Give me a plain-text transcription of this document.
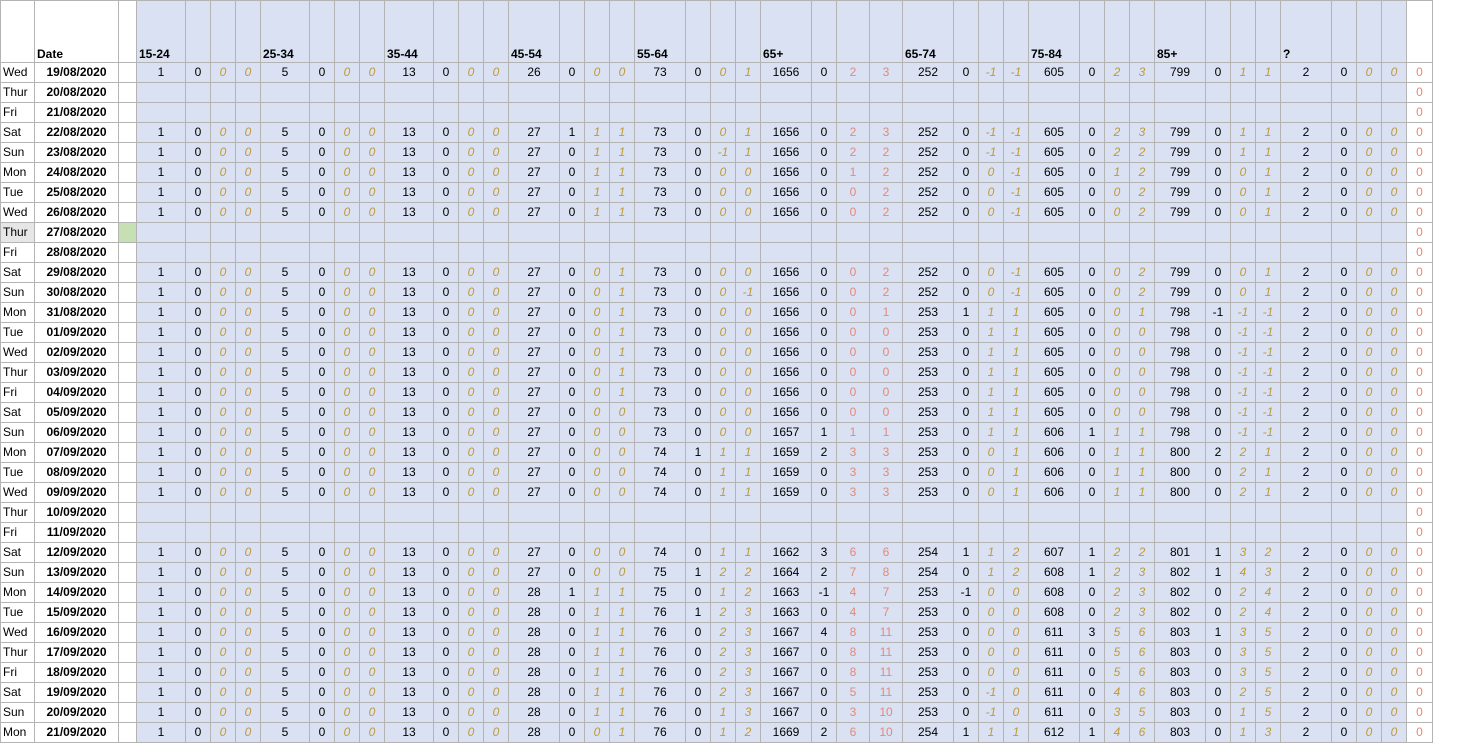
	Date		15-24				25-34				35-44				45-54				55-64				65+				65-74				75-84				85+				?				
Wed	19/08/2020		1	0	0	0	5	0	0	0	13	0	0	0	26	0	0	0	73	0	0	1	1656	0	2	3	252	0	-1	-1	605	0	2	3	799	0	1	1	2	0	0	0	0
Thur	20/08/2020																																										0
Fri	21/08/2020																																										0
Sat	22/08/2020		1	0	0	0	5	0	0	0	13	0	0	0	27	1	1	1	73	0	0	1	1656	0	2	3	252	0	-1	-1	605	0	2	3	799	0	1	1	2	0	0	0	0
Sun	23/08/2020		1	0	0	0	5	0	0	0	13	0	0	0	27	0	1	1	73	0	-1	1	1656	0	2	2	252	0	-1	-1	605	0	2	2	799	0	1	1	2	0	0	0	0
Mon	24/08/2020		1	0	0	0	5	0	0	0	13	0	0	0	27	0	1	1	73	0	0	0	1656	0	1	2	252	0	0	-1	605	0	1	2	799	0	0	1	2	0	0	0	0
Tue	25/08/2020		1	0	0	0	5	0	0	0	13	0	0	0	27	0	1	1	73	0	0	0	1656	0	0	2	252	0	0	-1	605	0	0	2	799	0	0	1	2	0	0	0	0
Wed	26/08/2020		1	0	0	0	5	0	0	0	13	0	0	0	27	0	1	1	73	0	0	0	1656	0	0	2	252	0	0	-1	605	0	0	2	799	0	0	1	2	0	0	0	0
Thur	27/08/2020																																										0
Fri	28/08/2020																																										0
Sat	29/08/2020		1	0	0	0	5	0	0	0	13	0	0	0	27	0	0	1	73	0	0	0	1656	0	0	2	252	0	0	-1	605	0	0	2	799	0	0	1	2	0	0	0	0
Sun	30/08/2020		1	0	0	0	5	0	0	0	13	0	0	0	27	0	0	1	73	0	0	-1	1656	0	0	2	252	0	0	-1	605	0	0	2	799	0	0	1	2	0	0	0	0
Mon	31/08/2020		1	0	0	0	5	0	0	0	13	0	0	0	27	0	0	1	73	0	0	0	1656	0	0	1	253	1	1	1	605	0	0	1	798	-1	-1	-1	2	0	0	0	0
Tue	01/09/2020		1	0	0	0	5	0	0	0	13	0	0	0	27	0	0	1	73	0	0	0	1656	0	0	0	253	0	1	1	605	0	0	0	798	0	-1	-1	2	0	0	0	0
Wed	02/09/2020		1	0	0	0	5	0	0	0	13	0	0	0	27	0	0	1	73	0	0	0	1656	0	0	0	253	0	1	1	605	0	0	0	798	0	-1	-1	2	0	0	0	0
Thur	03/09/2020		1	0	0	0	5	0	0	0	13	0	0	0	27	0	0	1	73	0	0	0	1656	0	0	0	253	0	1	1	605	0	0	0	798	0	-1	-1	2	0	0	0	0
Fri	04/09/2020		1	0	0	0	5	0	0	0	13	0	0	0	27	0	0	1	73	0	0	0	1656	0	0	0	253	0	1	1	605	0	0	0	798	0	-1	-1	2	0	0	0	0
Sat	05/09/2020		1	0	0	0	5	0	0	0	13	0	0	0	27	0	0	0	73	0	0	0	1656	0	0	0	253	0	1	1	605	0	0	0	798	0	-1	-1	2	0	0	0	0
Sun	06/09/2020		1	0	0	0	5	0	0	0	13	0	0	0	27	0	0	0	73	0	0	0	1657	1	1	1	253	0	1	1	606	1	1	1	798	0	-1	-1	2	0	0	0	0
Mon	07/09/2020		1	0	0	0	5	0	0	0	13	0	0	0	27	0	0	0	74	1	1	1	1659	2	3	3	253	0	0	1	606	0	1	1	800	2	2	1	2	0	0	0	0
Tue	08/09/2020		1	0	0	0	5	0	0	0	13	0	0	0	27	0	0	0	74	0	1	1	1659	0	3	3	253	0	0	1	606	0	1	1	800	0	2	1	2	0	0	0	0
Wed	09/09/2020		1	0	0	0	5	0	0	0	13	0	0	0	27	0	0	0	74	0	1	1	1659	0	3	3	253	0	0	1	606	0	1	1	800	0	2	1	2	0	0	0	0
Thur	10/09/2020																																										0
Fri	11/09/2020																																										0
Sat	12/09/2020		1	0	0	0	5	0	0	0	13	0	0	0	27	0	0	0	74	0	1	1	1662	3	6	6	254	1	1	2	607	1	2	2	801	1	3	2	2	0	0	0	0
Sun	13/09/2020		1	0	0	0	5	0	0	0	13	0	0	0	27	0	0	0	75	1	2	2	1664	2	7	8	254	0	1	2	608	1	2	3	802	1	4	3	2	0	0	0	0
Mon	14/09/2020		1	0	0	0	5	0	0	0	13	0	0	0	28	1	1	1	75	0	1	2	1663	-1	4	7	253	-1	0	0	608	0	2	3	802	0	2	4	2	0	0	0	0
Tue	15/09/2020		1	0	0	0	5	0	0	0	13	0	0	0	28	0	1	1	76	1	2	3	1663	0	4	7	253	0	0	0	608	0	2	3	802	0	2	4	2	0	0	0	0
Wed	16/09/2020		1	0	0	0	5	0	0	0	13	0	0	0	28	0	1	1	76	0	2	3	1667	4	8	11	253	0	0	0	611	3	5	6	803	1	3	5	2	0	0	0	0
Thur	17/09/2020		1	0	0	0	5	0	0	0	13	0	0	0	28	0	1	1	76	0	2	3	1667	0	8	11	253	0	0	0	611	0	5	6	803	0	3	5	2	0	0	0	0
Fri	18/09/2020		1	0	0	0	5	0	0	0	13	0	0	0	28	0	1	1	76	0	2	3	1667	0	8	11	253	0	0	0	611	0	5	6	803	0	3	5	2	0	0	0	0
Sat	19/09/2020		1	0	0	0	5	0	0	0	13	0	0	0	28	0	1	1	76	0	2	3	1667	0	5	11	253	0	-1	0	611	0	4	6	803	0	2	5	2	0	0	0	0
Sun	20/09/2020		1	0	0	0	5	0	0	0	13	0	0	0	28	0	1	1	76	0	1	3	1667	0	3	10	253	0	-1	0	611	0	3	5	803	0	1	5	2	0	0	0	0
Mon	21/09/2020		1	0	0	0	5	0	0	0	13	0	0	0	28	0	0	1	76	0	1	2	1669	2	6	10	254	1	1	1	612	1	4	6	803	0	1	3	2	0	0	0	0
